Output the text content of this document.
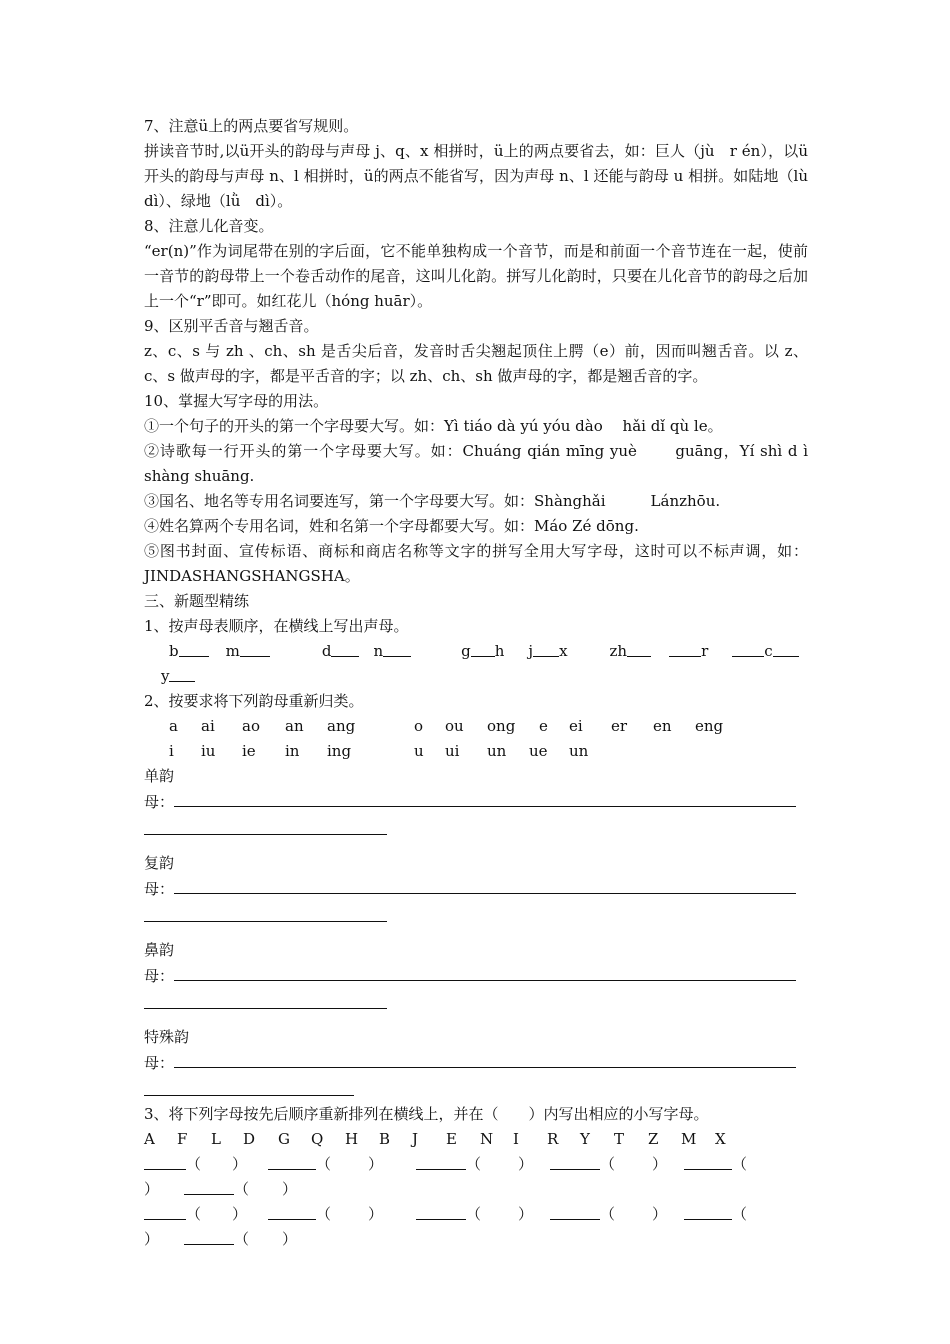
7、注意ü上的两点要省写规则。
拼读音节时,以ü开头的韵母与声母 j、q、x 相拼时，ü上的两点要省去，如：巨人（jù　r én），以ü开头的韵母与声母 n、l 相拼时，ü的两点不能省写，因为声母 n、l 还能与韵母 u 相拼。如陆地（lù dì）、绿地（lǜ　dì）。
8、注意儿化音变。
“er(n)”作为词尾带在别的字后面，它不能单独构成一个音节，而是和前面一个音节连在一起，使前一音节的韵母带上一个卷舌动作的尾音，这叫儿化韵。拼写儿化韵时，只要在儿化音节的韵母之后加上一个“r”即可。如红花儿（hóng huār）。
9、区别平舌音与翘舌音。
z、c、s 与 zh 、ch、sh 是舌尖后音，发音时舌尖翘起顶住上腭（e）前，因而叫翘舌音。以 z、c、s 做声母的字，都是平舌音的字；以 zh、ch、sh 做声母的字，都是翘舌音的字。
10、掌握大写字母的用法。
①一个句子的开头的第一个字母要大写。如：Yì tiáo dà yú yóu dào　 hǎi dǐ qù le。
②诗歌每一行开头的第一个字母要大写。如：Chuáng qián mīng yuè　　 guāng，Yí shì d ì shàng shuāng.
③国名、地名等专用名词要连写，第一个字母要大写。如：Shànghǎi　　　Lánzhōu.
④姓名算两个专用名词，姓和名第一个字母都要大写。如：Máo Zé dōng.
⑤图书封面、宣传标语、商标和商店名称等文字的拼写全用大写字母，这时可以不标声调，如：JINDASHANGSHANGSHA。
三、新题型精练
1、按声母表顺序，在横线上写出声母。
b	m	d	n	g h j x	zh	r	c
y
2、按要求将下列韵母重新归类。
a	ai	ao	an	ang	o	ou	ong	e	ei	er	en	eng
i	iu	ie	in	ing	u	ui	un	ue	un
单韵
母：
复韵
母：
鼻韵
母：
特殊韵
母：
3、将下列字母按先后顺序重新排列在横线上，并在（　　）内写出相应的小写字母。
A	F	L	D	G	Q	H	B	J	E	N	I	R	Y	T	Z	M	X
（	）	（	）	（	）	（	）	（
）	（	）
（	）	（	）	（	）	（	）	（
）	（	）
